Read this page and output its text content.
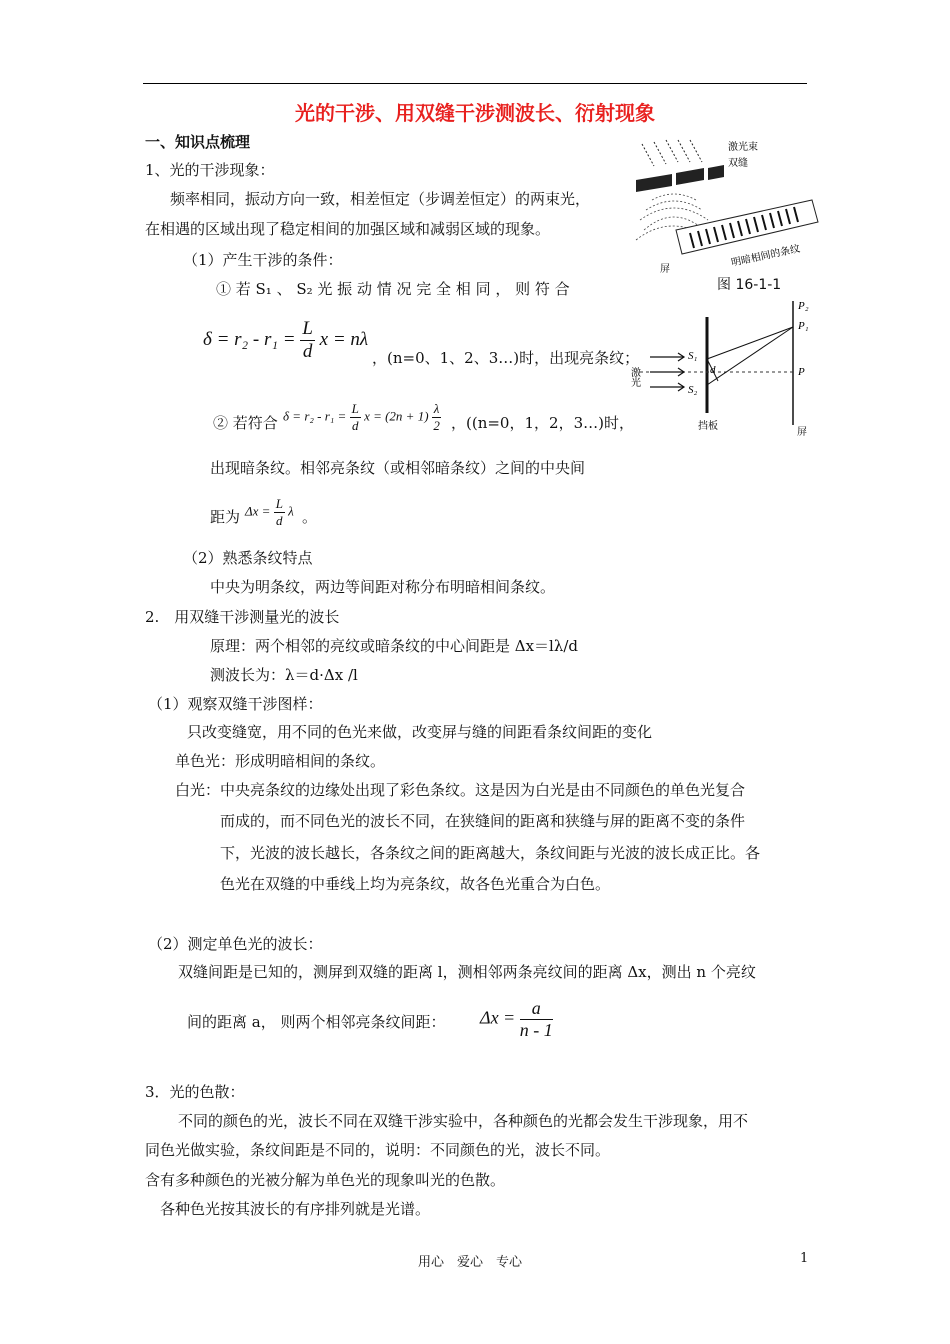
光的干涉、用双缝干涉测波长、衍射现象
一、知识点梳理
1、光的干涉现象：
频率相同，振动方向一致，相差恒定（步调差恒定）的两束光，
在相遇的区域出现了稳定相间的加强区域和减弱区域的现象。
（1）产生干涉的条件：
① 若 S₁ 、 S₂ 光 振 动 情 况 完 全 相 同 ， 则 符 合
$\delta = r_2 - r_1 = \frac{L}{d}$ x = nλ
，(n=0、1、2、3…)时，出现亮条纹；
② 若符合 $\delta = r_2 - r_1 = \frac{L}{d}$ $x = (2n + 1) \frac{\lambda}{2}$ ，((n=0，1，2，3…)时，
出现暗条纹。相邻亮条纹（或相邻暗条纹）之间的中央间
距为 $\Delta x = \frac{L}{d}$ λ 。
（2）熟悉条纹特点
中央为明条纹，两边等间距对称分布明暗相间条纹。
2.　用双缝干涉测量光的波长
原理：两个相邻的亮纹或暗条纹的中心间距是 Δx＝lλ/d
测波长为：λ＝d·Δx /l
（1）观察双缝干涉图样：
只改变缝宽，用不同的色光来做，改变屏与缝的间距看条纹间距的变化
单色光：形成明暗相间的条纹。
白光：中央亮条纹的边缘处出现了彩色条纹。这是因为白光是由不同颜色的单色光复合
而成的，而不同色光的波长不同，在狭缝间的距离和狭缝与屏的距离不变的条件
下，光波的波长越长，各条纹之间的距离越大，条纹间距与光波的波长成正比。各
色光在双缝的中垂线上均为亮条纹，故各色光重合为白色。
（2）测定单色光的波长：
双缝间距是已知的，测屏到双缝的距离 l，测相邻两条亮纹间的距离 Δx，测出 n 个亮纹
间的距离 a， 则两个相邻亮条纹间距： $\Delta x = \frac{a}{n - 1}$
3．光的色散：
不同的颜色的光，波长不同在双缝干涉实验中，各种颜色的光都会发生干涉现象，用不
同色光做实验，条纹间距是不同的，说明：不同颜色的光，波长不同。
含有多种颜色的光被分解为单色光的现象叫光的色散。
各种色光按其波长的有序排列就是光谱。
激光束
双缝
屏
明暗相间的条纹
图 16-1-1
P₂
P₁
P
S₁
S₂
d
激光
挡板
屏
用心　爱心　专心	1
